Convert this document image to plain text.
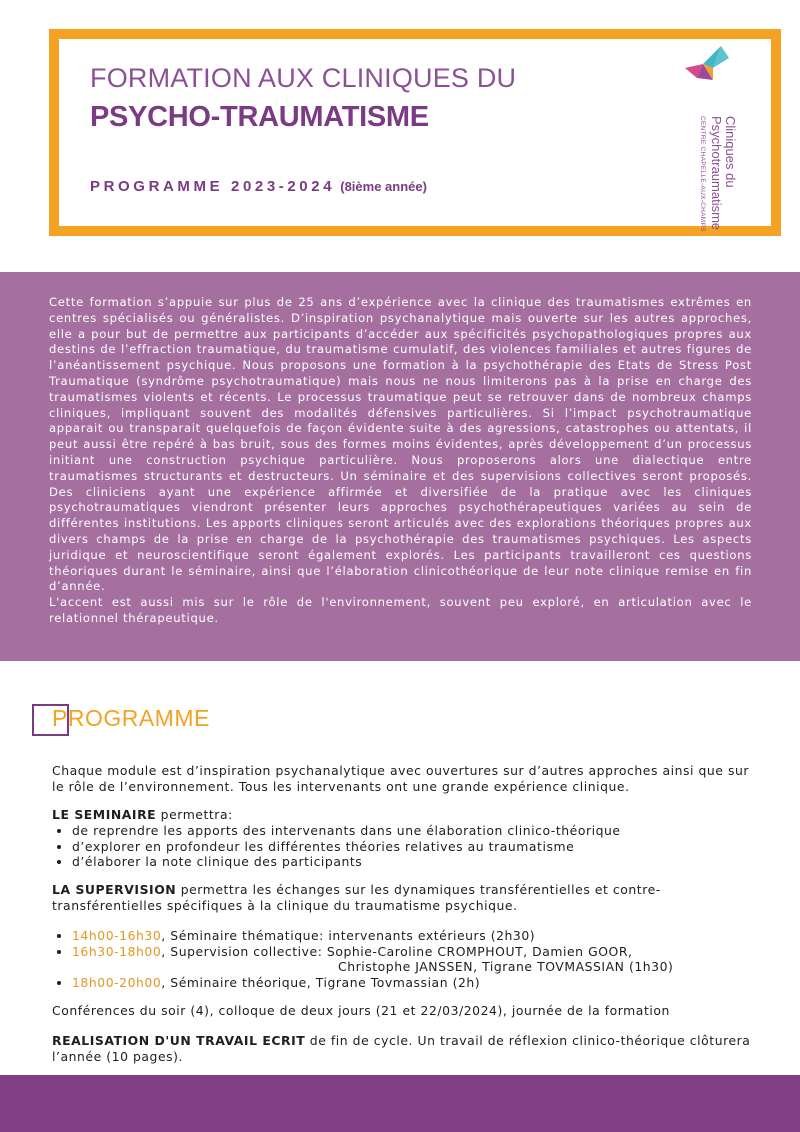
FORMATION AUX CLINIQUES DU
PSYCHO-TRAUMATISME
PROGRAMME 2023-2024 (8ième année)	Cliniques du
Psychotraumatisme
CENTRE CHAPELLE-AUX-CHAMPS
Cette formation s’appuie sur plus de 25 ans d’expérience avec la clinique des traumatismes extrêmes en centres spécialisés ou généralistes. D’inspiration psychanalytique mais ouverte sur les autres approches, elle a pour but de permettre aux participants d’accéder aux spécificités psychopathologiques propres aux destins de l’effraction traumatique, du traumatisme cumulatif, des violences familiales et autres figures de l’anéantissement psychique. Nous proposons une formation à la psychothérapie des Etats de Stress Post Traumatique (syndrôme psychotraumatique) mais nous ne nous limiterons pas à la prise en charge des traumatismes violents et récents. Le processus traumatique peut se retrouver dans de nombreux champs cliniques, impliquant souvent des modalités défensives particulières. Si l’impact psychotraumatique apparait ou transparait quelquefois de façon évidente suite à des agressions, catastrophes ou attentats, il peut aussi être repéré à bas bruit, sous des formes moins évidentes, après développement d’un processus initiant une construction psychique particulière. Nous proposerons alors une dialectique entre traumatismes structurants et destructeurs. Un séminaire et des supervisions collectives seront proposés. Des cliniciens ayant une expérience affirmée et diversifiée de la pratique avec les cliniques psychotraumatiques viendront présenter leurs approches psychothérapeutiques variées au sein de différentes institutions. Les apports cliniques seront articulés avec des explorations théoriques propres aux divers champs de la prise en charge de la psychothérapie des traumatismes psychiques. Les aspects juridique et neuroscientifique seront également explorés. Les participants travailleront ces questions théoriques durant le séminaire, ainsi que l’élaboration clinicothéorique de leur note clinique remise en fin d’année.
L'accent est aussi mis sur le rôle de l'environnement, souvent peu exploré, en articulation avec le relationnel thérapeutique.
PROGRAMME

Chaque module est d’inspiration psychanalytique avec ouvertures sur d’autres approches ainsi que sur le rôle de l’environnement. Tous les intervenants ont une grande expérience clinique.

LE SEMINAIRE permettra:

• de reprendre les apports des intervenants dans une élaboration clinico-théorique
• d’explorer en profondeur les différentes théories relatives au traumatisme
• d’élaborer la note clinique des participants

LA SUPERVISION permettra les échanges sur les dynamiques transférentielles et contre-transférentielles spécifiques à la clinique du traumatisme psychique.

• 14h00-16h30, Séminaire thématique: intervenants extérieurs (2h30)
• 16h30-18h00, Supervision collective: Sophie-Caroline CROMPHOUT, Damien GOOR,
Christophe JANSSEN, Tigrane TOVMASSIAN (1h30)
• 18h00-20h00, Séminaire théorique, Tigrane Tovmassian (2h)

Conférences du soir (4), colloque de deux jours (21 et 22/03/2024), journée de la formation

REALISATION D'UN TRAVAIL ECRIT de fin de cycle. Un travail de réflexion clinico-théorique clôturera l’année (10 pages).
